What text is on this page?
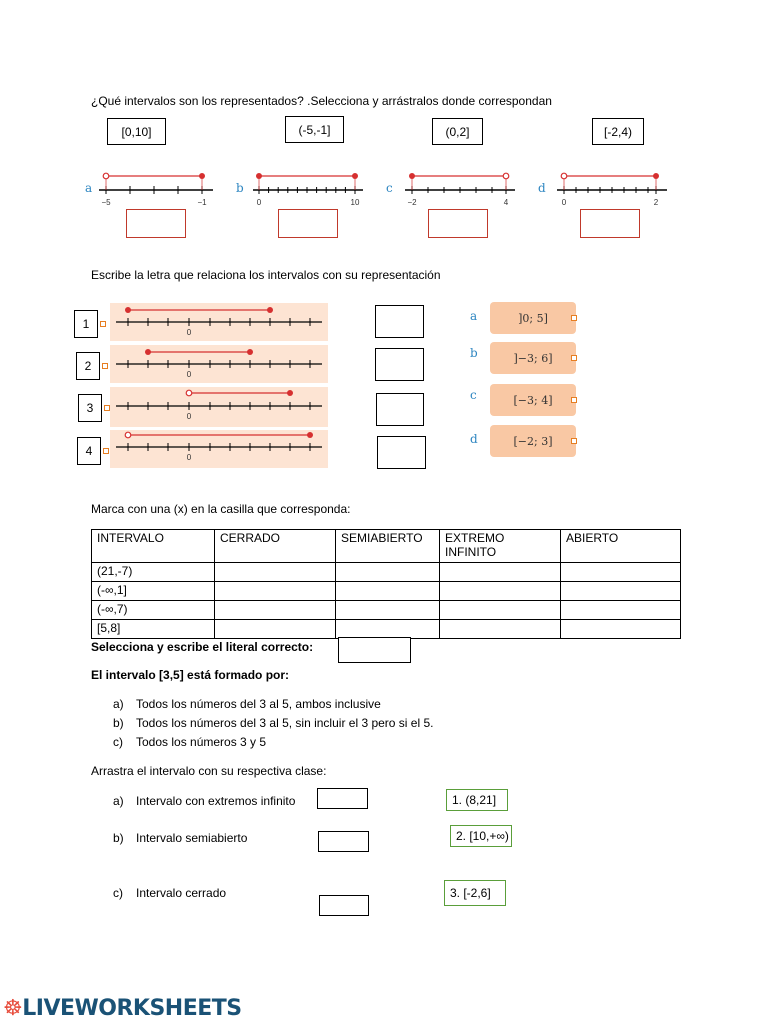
¿Qué intervalos son los representados? .Selecciona y arrástralos donde correspondan
[0,10]	(-5,-1]	(0,2]	[-2,4)
a
−5	−1
b
0	10
c
−2	4
d
0	2
Escribe la letra que relaciona los intervalos con su representación
0
0
0
0
1
2
3
4
a	]0; 5]
b	]−3; 6]
c	[−3; 4]
d	[−2; 3]
Marca con una (x) en la casilla que corresponda:
INTERVALO	CERRADO	SEMIABIERTO	EXTREMO INFINITO	ABIERTO
(21,-7)				
(-∞,1]				
(-∞,7)				
[5,8]				
Selecciona y escribe el literal correcto:
El intervalo [3,5] está formado por:
a) Todos los números del 3 al 5, ambos inclusive
b) Todos los números del 3 al 5, sin incluir el 3 pero si el 5.
c) Todos los números 3 y 5
Arrastra el intervalo con su respectiva clase:
a) Intervalo con extremos infinito
b) Intervalo semiabierto
c) Intervalo cerrado
1. (8,21]
2. [10,+∞)
3. [-2,6]
☸LIVEWORKSHEETS
